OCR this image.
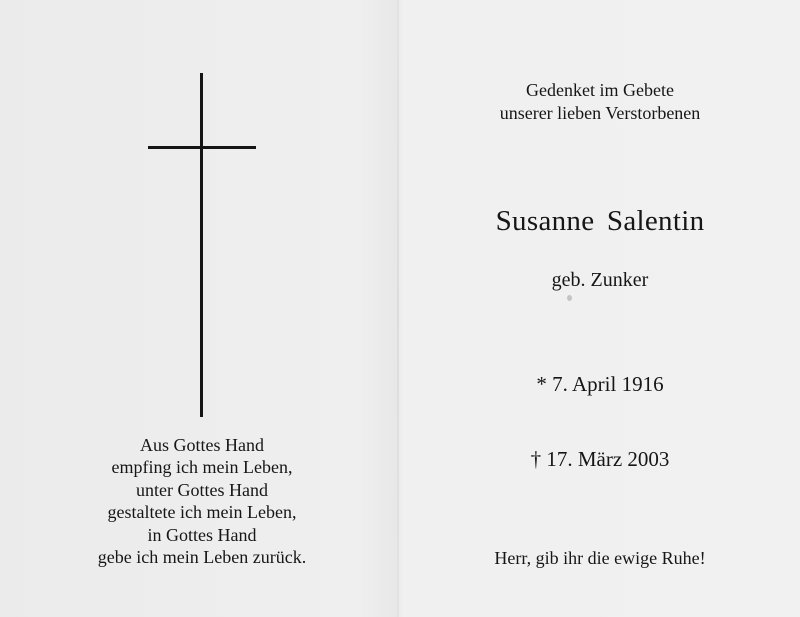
Aus Gottes Hand
empfing ich mein Leben,
unter Gottes Hand
gestaltete ich mein Leben,
in Gottes Hand
gebe ich mein Leben zurück.
Gedenket im Gebete
unserer lieben Verstorbenen
Susanne Salentin
geb. Zunker
* 7. April 1916
† 17. März 2003
Herr, gib ihr die ewige Ruhe!
